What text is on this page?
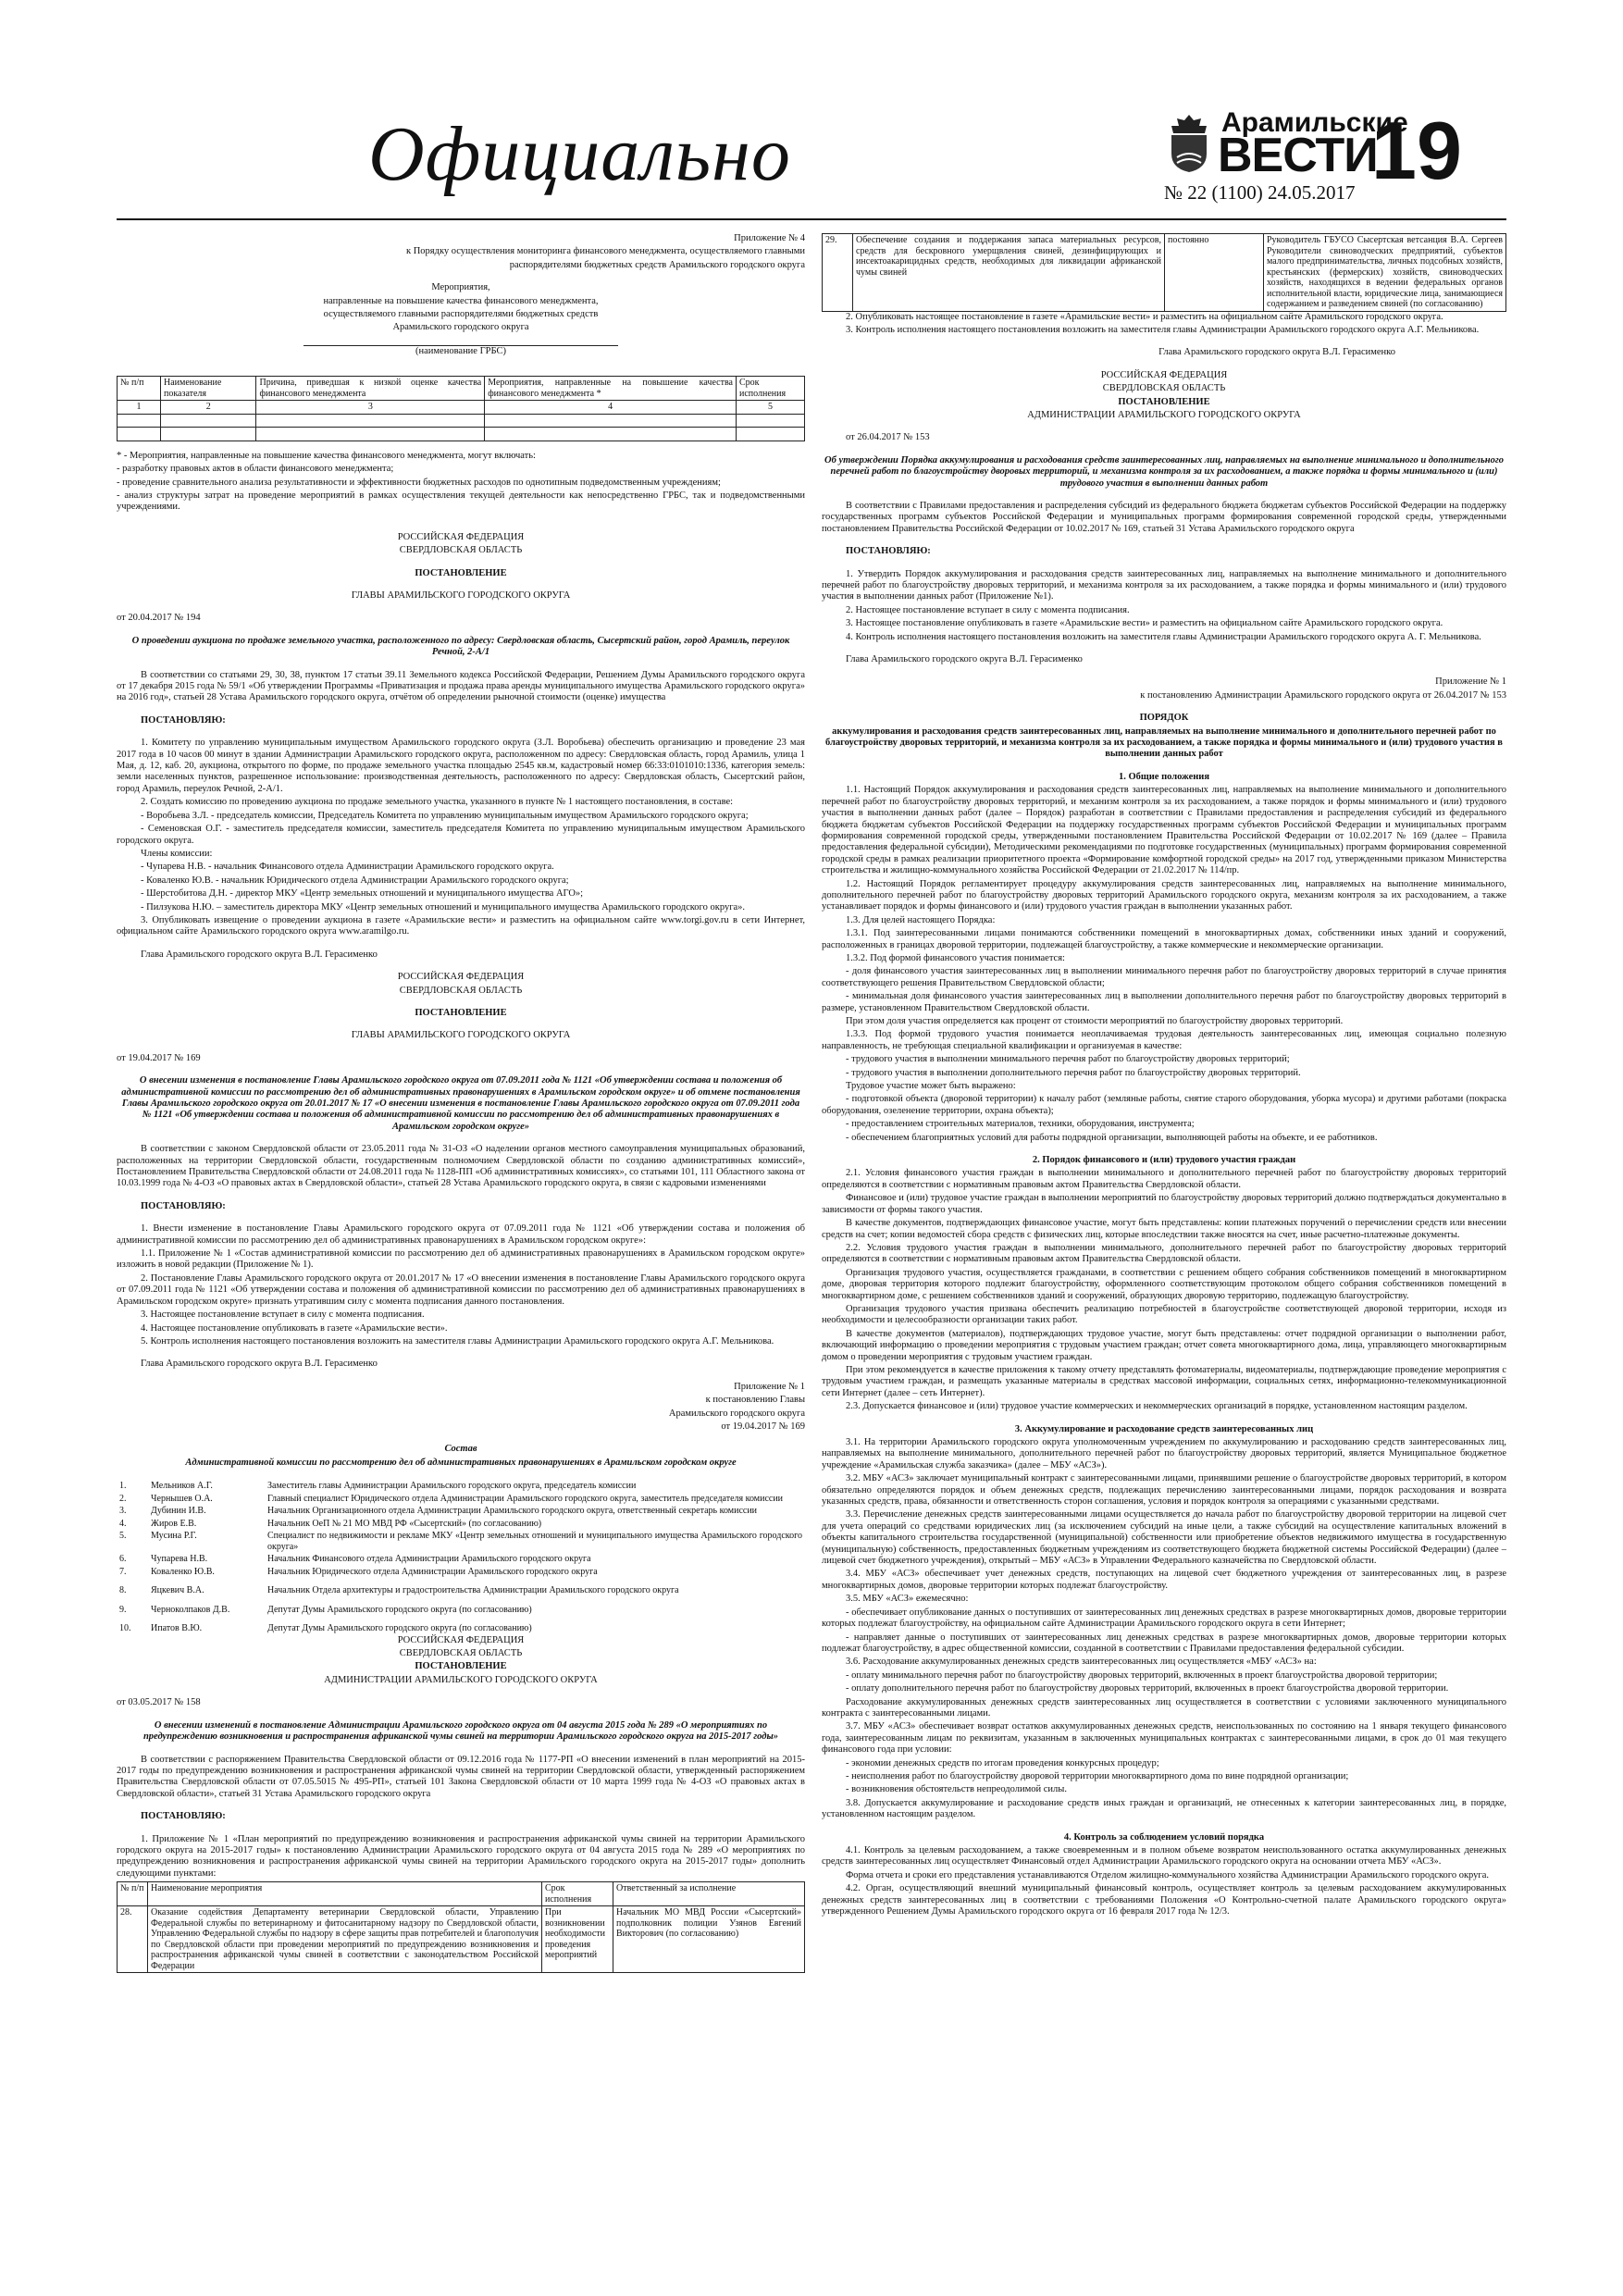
Официально	Арамильские
ВЕСТИ
19
№ 22 (1100) 24.05.2017

Приложение № 4

к Порядку осуществления мониторинга финансового менеджмента, осуществляемого главными

распорядителями бюджетных средств Арамильского городского округа

Мероприятия,

направленные на повышение качества финансового менеджмента,

осуществляемого главными распорядителями бюджетных средств

Арамильского городского округа

(наименование ГРБС)

№ п/п	Наименование показателя	Причина, приведшая к низкой оценке качества финансового менеджмента	Мероприятия, направленные на повышение качества финансового менеджмента *	Срок исполнения
1	2	3	4	5

* - Мероприятия, направленные на повышение качества финансового менеджмента, могут включать:

- разработку правовых актов в области финансового менеджмента;

- проведение сравнительного анализа результативности и эффективности бюджетных расходов по однотипным подведомственным учреждениям;

- анализ структуры затрат на проведение мероприятий в рамках осуществления текущей деятельности как непосредственно ГРБС, так и подведомственными учреждениями.

РОССИЙСКАЯ ФЕДЕРАЦИЯ

СВЕРДЛОВСКАЯ ОБЛАСТЬ

ПОСТАНОВЛЕНИЕ

ГЛАВЫ АРАМИЛЬСКОГО ГОРОДСКОГО ОКРУГА

от 20.04.2017 № 194

О проведении аукциона по продаже земельного участка, расположенного по адресу: Свердловская область, Сысертский район, город Арамиль, переулок Речной, 2-А/1

В соответствии со статьями 29, 30, 38, пунктом 17 статьи 39.11 Земельного кодекса Российской Федерации, Решением Думы Арамильского городского округа от 17 декабря 2015 года № 59/1 «Об утверждении Программы «Приватизация и продажа права аренды муниципального имущества Арамильского городского округа» на 2016 год», статьей 28 Устава Арамильского городского округа, отчётом об определении рыночной стоимости (оценке) имущества

ПОСТАНОВЛЯЮ:

1. Комитету по управлению муниципальным имуществом Арамильского городского округа (З.Л. Воробьева) обеспечить организацию и проведение 23 мая 2017 года в 10 часов 00 минут в здании Администрации Арамильского городского округа, расположенном по адресу: Свердловская область, город Арамиль, улица 1 Мая, д. 12, каб. 20, аукциона, открытого по форме, по продаже земельного участка площадью 2545 кв.м, кадастровый номер 66:33:0101010:1336, категория земель: земли населенных пунктов, разрешенное использование: производственная деятельность, расположенного по адресу: Свердловская область, Сысертский район, город Арамиль, переулок Речной, 2-А/1.

2. Создать комиссию по проведению аукциона по продаже земельного участка, указанного в пункте № 1 настоящего постановления, в составе:

- Воробьева З.Л. - председатель комиссии, Председатель Комитета по управлению муниципальным имуществом Арамильского городского округа;

- Семеновская О.Г. - заместитель председателя комиссии, заместитель председателя Комитета по управлению муниципальным имуществом Арамильского городского округа.

Члены комиссии:

- Чупарева Н.В. - начальник Финансового отдела Администрации Арамильского городского округа.

- Коваленко Ю.В. - начальник Юридического отдела Администрации Арамильского городского округа;

- Шерстобитова Д.Н. - директор МКУ «Центр земельных отношений и муниципального имущества АГО»;

- Пилзукова Н.Ю. – заместитель директора МКУ «Центр земельных отношений и муниципального имущества Арамильского городского округа».

3. Опубликовать извещение о проведении аукциона в газете «Арамильские вести» и разместить на официальном сайте www.torgi.gov.ru в сети Интернет, официальном сайте Арамильского городского округа www.aramilgo.ru.

Глава Арамильского городского округа В.Л. Герасименко

РОССИЙСКАЯ ФЕДЕРАЦИЯ

СВЕРДЛОВСКАЯ ОБЛАСТЬ

ПОСТАНОВЛЕНИЕ

ГЛАВЫ АРАМИЛЬСКОГО ГОРОДСКОГО ОКРУГА

от 19.04.2017 № 169

О внесении изменения в постановление Главы Арамильского городского округа от 07.09.2011 года № 1121 «Об утверждении состава и положения об административной комиссии по рассмотрению дел об административных правонарушениях в Арамильском городском округе» и об отмене постановления Главы Арамильского городского округа от 20.01.2017 № 17 «О внесении изменения в постановление Главы Арамильского городского округа от 07.09.2011 года № 1121 «Об утверждении состава и положения об административной комиссии по рассмотрению дел об административных правонарушениях в Арамильском городском округе»

В соответствии с законом Свердловской области от 23.05.2011 года № 31-ОЗ «О наделении органов местного самоуправления муниципальных образований, расположенных на территории Свердловской области, государственным полномочием Свердловской области по созданию административных комиссий», Постановлением Правительства Свердловской области от 24.08.2011 года № 1128-ПП «Об административных комиссиях», со статьями 101, 111 Областного закона от 10.03.1999 года № 4-ОЗ «О правовых актах в Свердловской области», статьей 28 Устава Арамильского городского округа, в связи с кадровыми изменениями

ПОСТАНОВЛЯЮ:

1. Внести изменение в постановление Главы Арамильского городского округа от 07.09.2011 года № 1121 «Об утверждении состава и положения об административной комиссии по рассмотрению дел об административных правонарушениях в Арамильском городском округе»:

1.1. Приложение № 1 «Состав административной комиссии по рассмотрению дел об административных правонарушениях в Арамильском городском округе» изложить в новой редакции (Приложение № 1).

2. Постановление Главы Арамильского городского округа от 20.01.2017 № 17 «О внесении изменения в постановление Главы Арамильского городского округа от 07.09.2011 года № 1121 «Об утверждении состава и положения об административной комиссии по рассмотрению дел об административных правонарушениях в Арамильском городском округе» признать утратившим силу с момента подписания данного постановления.

3. Настоящее постановление вступает в силу с момента подписания.

4. Настоящее постановление опубликовать в газете «Арамильские вести».

5. Контроль исполнения настоящего постановления возложить на заместителя главы Администрации Арамильского городского округа А.Г. Мельникова.

Глава Арамильского городского округа В.Л. Герасименко

Приложение № 1

к постановлению Главы

Арамильского городского округа

от 19.04.2017 № 169

Состав

Административной комиссии по рассмотрению дел об административных правонарушениях в Арамильском городском округе

1.	Мельников А.Г.	Заместитель главы Администрации Арамильского городского округа, председатель комиссии
2.	Чернышев О.А.	Главный специалист Юридического отдела Администрации Арамильского городского округа, заместитель председателя комиссии
3.	Дубинин И.В.	Начальник Организационного отдела Администрации Арамильского городского округа, ответственный секретарь комиссии
4.	Жиров Е.В.	Начальник ОеП № 21 МО МВД РФ «Сысертский» (по согласованию)
5.	Мусина Р.Г.	Специалист по недвижимости и рекламе МКУ «Центр земельных отношений и муниципального имущества Арамильского городского округа»
6.	Чупарева Н.В.	Начальник Финансового отдела Администрации Арамильского городского округа
7.	Коваленко Ю.В.	Начальник Юридического отдела Администрации Арамильского городского округа
8.	Яцкевич В.А.	Начальник Отдела архитектуры и градостроительства Администрации Арамильского городского округа
9.	Черноколпаков Д.В.	Депутат Думы Арамильского городского округа (по согласованию)
10.	Ипатов В.Ю.	Депутат Думы Арамильского городского округа (по согласованию)

РОССИЙСКАЯ ФЕДЕРАЦИЯ

СВЕРДЛОВСКАЯ ОБЛАСТЬ

ПОСТАНОВЛЕНИЕ

АДМИНИСТРАЦИИ АРАМИЛЬСКОГО ГОРОДСКОГО ОКРУГА

от 03.05.2017 № 158

О внесении изменений в постановление Администрации Арамильского городского округа от 04 августа 2015 года № 289 «О мероприятиях по предупреждению возникновения и распространения африканской чумы свиней на территории Арамильского городского округа на 2015-2017 годы»

В соответствии с распоряжением Правительства Свердловской области от 09.12.2016 года № 1177-РП «О внесении изменений в план мероприятий на 2015-2017 годы по предупреждению возникновения и распространения африканской чумы свиней на территории Свердловской области, утвержденный распоряжением Правительства Свердловской области от 07.05.5015 № 495-РП», статьей 101 Закона Свердловской области от 10 марта 1999 года № 4-ОЗ «О правовых актах в Свердловской области», статьей 31 Устава Арамильского городского округа

ПОСТАНОВЛЯЮ:

1. Приложение № 1 «План мероприятий по предупреждению возникновения и распространения африканской чумы свиней на территории Арамильского городского округа на 2015-2017 годы» к постановлению Администрации Арамильского городского округа от 04 августа 2015 года № 289 «О мероприятиях по предупреждению возникновения и распространения африканской чумы свиней на территории Арамильского городского округа на 2015-2017 годы» дополнить следующими пунктами:

№ п/п	Наименование мероприятия	Срок исполнения	Ответственный за исполнение
28.	Оказание содействия Департаменту ветеринарии Свердловской области, Управлению Федеральной службы по ветеринарному и фитосанитарному надзору по Свердловской области, Управлению Федеральной службы по надзору в сфере защиты прав потребителей и благополучия по Свердловской области при проведении мероприятий по предупреждению возникновения и распространения африканской чумы свиней в соответствии с законодательством Российской Федерации	При возникновении необходимости проведения мероприятий	Начальник МО МВД России «Сысертский» подполковник полиции Узянов Евгений Викторович (по согласованию)
29.	Обеспечение создания и поддержания запаса материальных ресурсов, средств для бескровного умерщвления свиней, дезинфицирующих и инсектоакарицидных средств, необходимых для ликвидации африканской чумы свиней	постоянно	Руководитель ГБУСО Сысертская ветсанция В.А. Сергеев Руководители свиноводческих предприятий, субъектов малого предпринимательства, личных подсобных хозяйств, крестьянских (фермерских) хозяйств, свиноводческих хозяйств, находящихся в ведении федеральных органов исполнительной власти, юридические лица, занимающиеся содержанием и разведением свиней (по согласованию)

2. Опубликовать настоящее постановление в газете «Арамильские вести» и разместить на официальном сайте Арамильского городского округа.

3. Контроль исполнения настоящего постановления возложить на заместителя главы Администрации Арамильского городского округа А.Г. Мельникова.

Глава Арамильского городского округа В.Л. Герасименко

РОССИЙСКАЯ ФЕДЕРАЦИЯ

СВЕРДЛОВСКАЯ ОБЛАСТЬ

ПОСТАНОВЛЕНИЕ

АДМИНИСТРАЦИИ АРАМИЛЬСКОГО ГОРОДСКОГО ОКРУГА

от 26.04.2017 № 153

Об утверждении Порядка аккумулирования и расходования средств заинтересованных лиц, направляемых на выполнение минимального и дополнительного перечней работ по благоустройству дворовых территорий, и механизма контроля за их расходованием, а также порядка и формы минимального и (или) трудового участия в выполнении данных работ

В соответствии с Правилами предоставления и распределения субсидий из федерального бюджета бюджетам субъектов Российской Федерации на поддержку государственных программ субъектов Российской Федерации и муниципальных программ формирования современной городской среды, утвержденными постановлением Правительства Российской Федерации от 10.02.2017 № 169, статьей 31 Устава Арамильского городского округа

ПОСТАНОВЛЯЮ:

1. Утвердить Порядок аккумулирования и расходования средств заинтересованных лиц, направляемых на выполнение минимального и дополнительного перечней работ по благоустройству дворовых территорий, и механизма контроля за их расходованием, а также порядка и формы минимального и (или) трудового участия в выполнении данных работ (Приложение №1).

2. Настоящее постановление вступает в силу с момента подписания.

3. Настоящее постановление опубликовать в газете «Арамильские вести» и разместить на официальном сайте Арамильского городского округа.

4. Контроль исполнения настоящего постановления возложить на заместителя главы Администрации Арамильского городского округа А. Г. Мельникова.

Глава Арамильского городского округа В.Л. Герасименко

Приложение № 1

к постановлению Администрации Арамильского городского округа от 26.04.2017 № 153

ПОРЯДОК

аккумулирования и расходования средств заинтересованных лиц, направляемых на выполнение минимального и дополнительного перечней работ по благоустройству дворовых территорий, и механизма контроля за их расходованием, а также порядка и формы минимального и (или) трудового участия в выполнении данных работ

1. Общие положения

1.1. Настоящий Порядок аккумулирования и расходования средств заинтересованных лиц, направляемых на выполнение минимального и дополнительного перечней работ по благоустройству дворовых территорий, и механизм контроля за их расходованием, а также порядок и формы минимального и (или) трудового участия в выполнении данных работ (далее – Порядок) разработан в соответствии с Правилами предоставления и распределения субсидий из федерального бюджета бюджетам субъектов Российской Федерации на поддержку государственных программ субъектов Российской Федерации и муниципальных программ формирования современной городской среды, утвержденными постановлением Правительства Российской Федерации от 10.02.2017 № 169 (далее – Правила предоставления федеральной субсидии), Методическими рекомендациями по подготовке государственных (муниципальных) программ формирования современной городской среды в рамках реализации приоритетного проекта «Формирование комфортной городской среды» на 2017 год, утвержденными приказом Министерства строительства и жилищно-коммунального хозяйства Российской Федерации от 21.02.2017 № 114/пр.

1.2. Настоящий Порядок регламентирует процедуру аккумулирования средств заинтересованных лиц, направляемых на выполнение минимального, дополнительного перечней работ по благоустройству дворовых территорий Арамильского городского округа, механизм контроля за их расходованием, а также устанавливает порядок и формы финансового и (или) трудового участия граждан в выполнении указанных работ.

1.3. Для целей настоящего Порядка:

1.3.1. Под заинтересованными лицами понимаются собственники помещений в многоквартирных домах, собственники иных зданий и сооружений, расположенных в границах дворовой территории, подлежащей благоустройству, а также коммерческие и некоммерческие организации.

1.3.2. Под формой финансового участия понимается:

- доля финансового участия заинтересованных лиц в выполнении минимального перечня работ по благоустройству дворовых территорий в случае принятия соответствующего решения Правительством Свердловской области;

- минимальная доля финансового участия заинтересованных лиц в выполнении дополнительного перечня работ по благоустройству дворовых территорий в размере, установленном Правительством Свердловской области.

При этом доля участия определяется как процент от стоимости мероприятий по благоустройству дворовых территорий.

1.3.3. Под формой трудового участия понимается неоплачиваемая трудовая деятельность заинтересованных лиц, имеющая социально полезную направленность, не требующая специальной квалификации и организуемая в качестве:

- трудового участия в выполнении минимального перечня работ по благоустройству дворовых территорий;

- трудового участия в выполнении дополнительного перечня работ по благоустройству дворовых территорий.

Трудовое участие может быть выражено:

- подготовкой объекта (дворовой территории) к началу работ (земляные работы, снятие старого оборудования, уборка мусора) и другими работами (покраска оборудования, озеленение территории, охрана объекта);

- предоставлением строительных материалов, техники, оборудования, инструмента;

- обеспечением благоприятных условий для работы подрядной организации, выполняющей работы на объекте, и ее работников.

2. Порядок финансового и (или) трудового участия граждан

2.1. Условия финансового участия граждан в выполнении минимального и дополнительного перечней работ по благоустройству дворовых территорий определяются в соответствии с нормативным правовым актом Правительства Свердловской области.

Финансовое и (или) трудовое участие граждан в выполнении мероприятий по благоустройству дворовых территорий должно подтверждаться документально в зависимости от формы такого участия.

В качестве документов, подтверждающих финансовое участие, могут быть представлены: копии платежных поручений о перечислении средств или внесении средств на счет; копии ведомостей сбора средств с физических лиц, которые впоследствии также вносятся на счет, иные расчетно-платежные документы.

2.2. Условия трудового участия граждан в выполнении минимального, дополнительного перечней работ по благоустройству дворовых территорий определяются в соответствии с нормативным правовым актом Правительства Свердловской области.

Организация трудового участия, осуществляется гражданами, в соответствии с решением общего собрания собственников помещений в многоквартирном доме, дворовая территория которого подлежит благоустройству, оформленного соответствующим протоколом общего собрания собственников помещений в многоквартирном доме, с решением собственников зданий и сооружений, образующих дворовую территорию, подлежащую благоустройству.

Организация трудового участия призвана обеспечить реализацию потребностей в благоустройстве соответствующей дворовой территории, исходя из необходимости и целесообразности организации таких работ.

В качестве документов (материалов), подтверждающих трудовое участие, могут быть представлены: отчет подрядной организации о выполнении работ, включающий информацию о проведении мероприятия с трудовым участием граждан; отчет совета многоквартирного дома, лица, управляющего многоквартирным домом о проведении мероприятия с трудовым участием граждан.

При этом рекомендуется в качестве приложения к такому отчету представлять фотоматериалы, видеоматериалы, подтверждающие проведение мероприятия с трудовым участием граждан, и размещать указанные материалы в средствах массовой информации, социальных сетях, информационно-телекоммуникационной сети Интернет (далее – сеть Интернет).

2.3. Допускается финансовое и (или) трудовое участие коммерческих и некоммерческих организаций в порядке, установленном настоящим разделом.

3. Аккумулирование и расходование средств заинтересованных лиц

3.1. На территории Арамильского городского округа уполномоченным учреждением по аккумулированию и расходованию средств заинтересованных лиц, направляемых на выполнение минимального, дополнительного перечней работ по благоустройству дворовых территорий, является Муниципальное бюджетное учреждение «Арамильская служба заказчика» (далее – МБУ «АСЗ»).

3.2. МБУ «АСЗ» заключает муниципальный контракт с заинтересованными лицами, принявшими решение о благоустройстве дворовых территорий, в котором обязательно определяются порядок и объем денежных средств, подлежащих перечислению заинтересованными лицами, порядок расходования и возврата указанных средств, права, обязанности и ответственность сторон соглашения, условия и порядок контроля за операциями с указанными средствами.

3.3. Перечисление денежных средств заинтересованными лицами осуществляется до начала работ по благоустройству дворовой территории на лицевой счет для учета операций со средствами юридических лиц (за исключением субсидий на иные цели, а также субсидий на осуществление капитальных вложений в объекты капитального строительства государственной (муниципальной) собственности или приобретение объектов недвижимого имущества в государственную (муниципальную) собственность, предоставленных бюджетным учреждениям из соответствующего бюджета бюджетной системы Российской Федерации) (далее – лицевой счет бюджетного учреждения), открытый – МБУ «АСЗ» в Управлении Федерального казначейства по Свердловской области.

3.4. МБУ «АСЗ» обеспечивает учет денежных средств, поступающих на лицевой счет бюджетного учреждения от заинтересованных лиц, в разрезе многоквартирных домов, дворовые территории которых подлежат благоустройству.

3.5. МБУ «АСЗ» ежемесячно:

- обеспечивает опубликование данных о поступивших от заинтересованных лиц денежных средствах в разрезе многоквартирных домов, дворовые территории которых подлежат благоустройству, на официальном сайте Администрации Арамильского городского округа в сети Интернет;

- направляет данные о поступивших от заинтересованных лиц денежных средствах в разрезе многоквартирных домов, дворовые территории которых подлежат благоустройству, в адрес общественной комиссии, созданной в соответствии с Правилами предоставления федеральной субсидии.

3.6. Расходование аккумулированных денежных средств заинтересованных лиц осуществляется «МБУ «АСЗ» на:

- оплату минимального перечня работ по благоустройству дворовых территорий, включенных в проект благоустройства дворовой территории;

- оплату дополнительного перечня работ по благоустройству дворовых территорий, включенных в проект благоустройства дворовой территории.

Расходование аккумулированных денежных средств заинтересованных лиц осуществляется в соответствии с условиями заключенного муниципального контракта с заинтересованными лицами.

3.7. МБУ «АСЗ» обеспечивает возврат остатков аккумулированных денежных средств, неиспользованных по состоянию на 1 января текущего финансового года, заинтересованным лицам по реквизитам, указанным в заключенных муниципальных контрактах с заинтересованными лицами, в срок до 01 мая текущего финансового года при условии:

- экономии денежных средств по итогам проведения конкурсных процедур;

- неисполнения работ по благоустройству дворовой территории многоквартирного дома по вине подрядной организации;

- возникновения обстоятельств непреодолимой силы.

3.8. Допускается аккумулирование и расходование средств иных граждан и организаций, не отнесенных к категории заинтересованных лиц, в порядке, установленном настоящим разделом.

4. Контроль за соблюдением условий порядка

4.1. Контроль за целевым расходованием, а также своевременным и в полном объеме возвратом неиспользованного остатка аккумулированных денежных средств заинтересованных лиц осуществляет Финансовый отдел Администрации Арамильского городского округа на основании отчета МБУ «АСЗ».

Форма отчета и сроки его представления устанавливаются Отделом жилищно-коммунального хозяйства Администрации Арамильского городского округа.

4.2. Орган, осуществляющий внешний муниципальный финансовый контроль, осуществляет контроль за целевым расходованием аккумулированных денежных средств заинтересованных лиц в соответствии с требованиями Положения «О Контрольно-счетной палате Арамильского городского округа» утвержденного Решением Думы Арамильского городского округа от 16 февраля 2017 года № 12/3.
